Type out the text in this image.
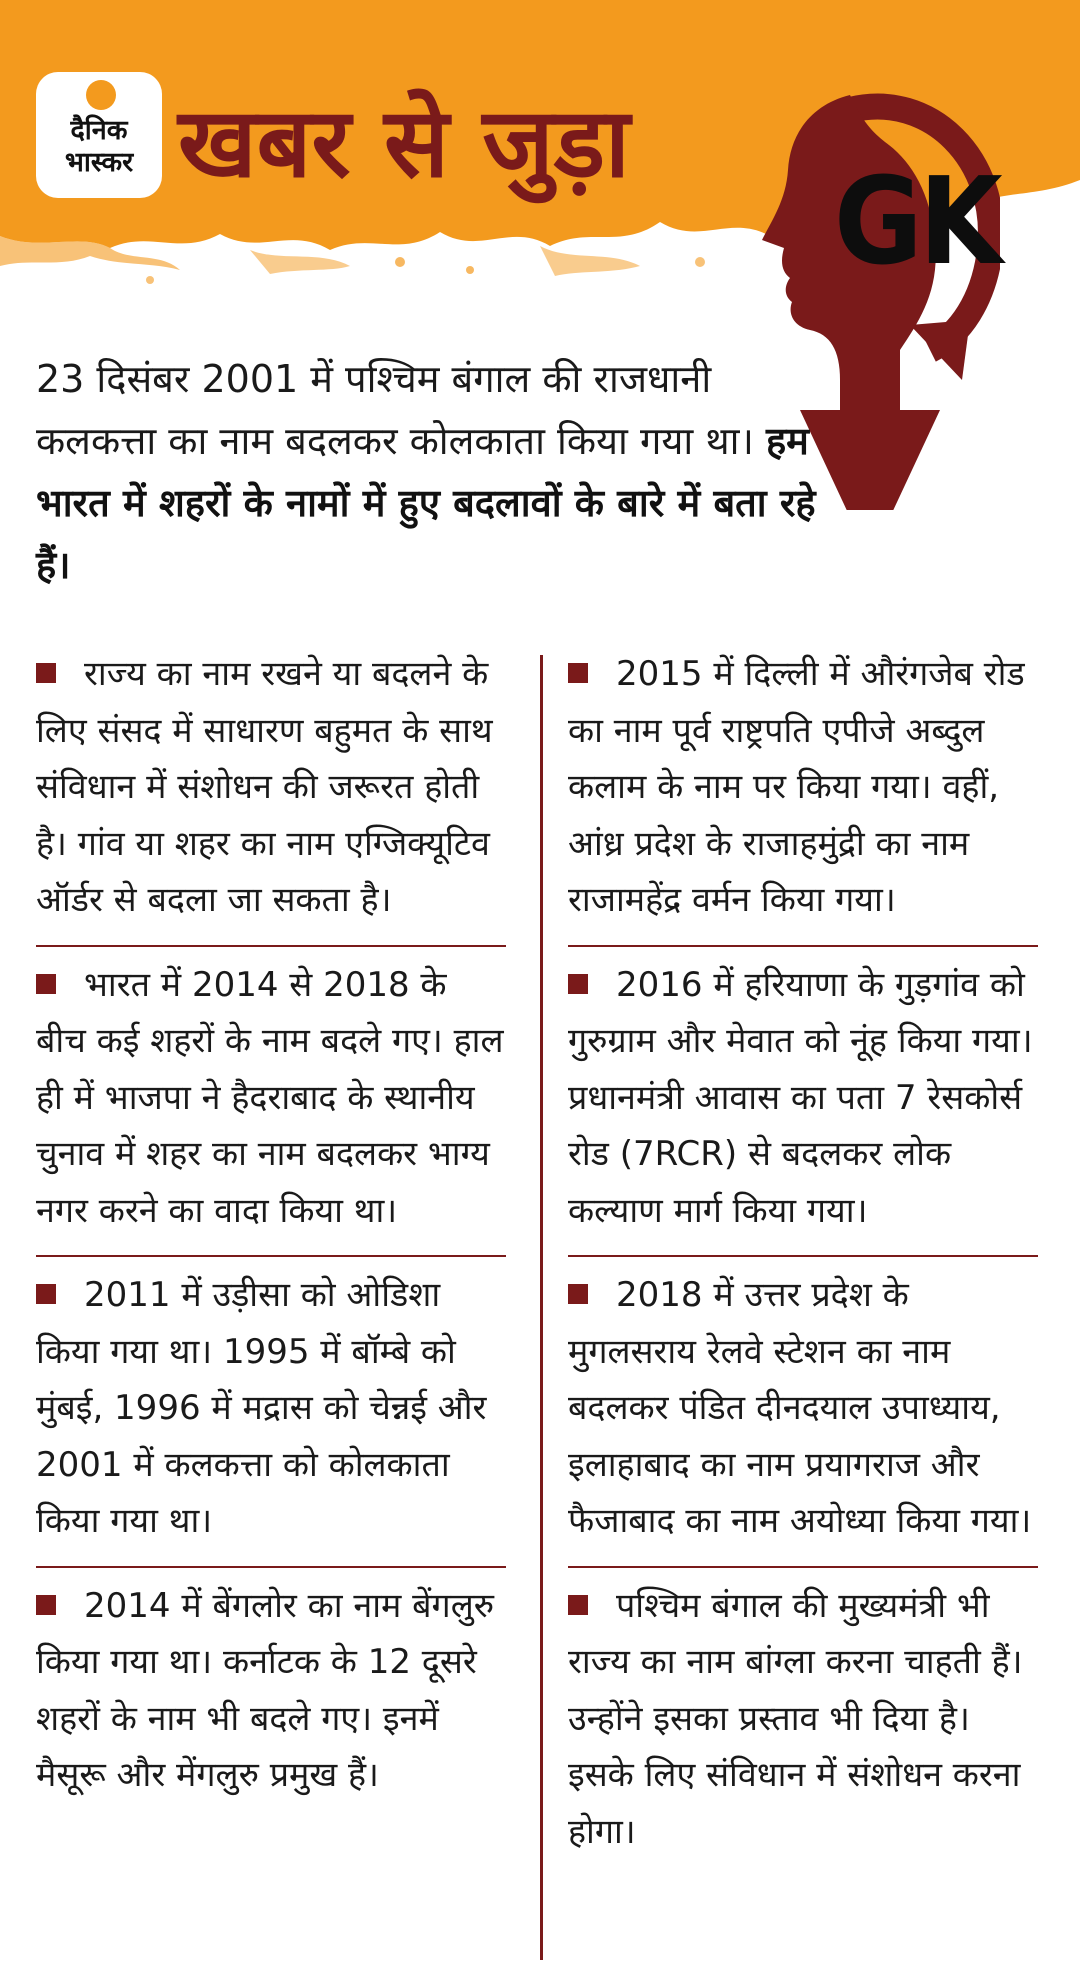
दैनिक
भास्कर खबर से जुड़ा
GK
23 दिसंबर 2001 में पश्चिम बंगाल की राजधानी कलकत्ता का नाम बदलकर कोलकाता किया गया था। हम भारत में शहरों के नामों में हुए बदलावों के बारे में बता रहे हैं।
राज्य का नाम रखने या बदलने के लिए संसद में साधारण बहुमत के साथ संविधान में संशोधन की जरूरत होती है। गांव या शहर का नाम एग्जिक्यूटिव ऑर्डर से बदला जा सकता है।
भारत में 2014 से 2018 के बीच कई शहरों के नाम बदले गए। हाल ही में भाजपा ने हैदराबाद के स्थानीय चुनाव में शहर का नाम बदलकर भाग्य नगर करने का वादा किया था।
2011 में उड़ीसा को ओडिशा किया गया था। 1995 में बॉम्बे को मुंबई, 1996 में मद्रास को चेन्नई और 2001 में कलकत्ता को कोलकाता किया गया था।
2014 में बेंगलोर का नाम बेंगलुरु किया गया था। कर्नाटक के 12 दूसरे शहरों के नाम भी बदले गए। इनमें मैसूरू और मेंगलुरु प्रमुख हैं।
2015 में दिल्ली में औरंगजेब रोड का नाम पूर्व राष्ट्रपति एपीजे अब्दुल कलाम के नाम पर किया गया। वहीं, आंध्र प्रदेश के राजाहमुंद्री का नाम राजामहेंद्र वर्मन किया गया।
2016 में हरियाणा के गुड़गांव को गुरुग्राम और मेवात को नूंह किया गया। प्रधानमंत्री आवास का पता 7 रेसकोर्स रोड (7RCR) से बदलकर लोक कल्याण मार्ग किया गया।
2018 में उत्तर प्रदेश के मुगलसराय रेलवे स्टेशन का नाम बदलकर पंडित दीनदयाल उपाध्याय, इलाहाबाद का नाम प्रयागराज और फैजाबाद का नाम अयोध्या किया गया।
पश्चिम बंगाल की मुख्यमंत्री भी राज्य का नाम बांग्ला करना चाहती हैं। उन्होंने इसका प्रस्ताव भी दिया है। इसके लिए संविधान में संशोधन करना होगा।
